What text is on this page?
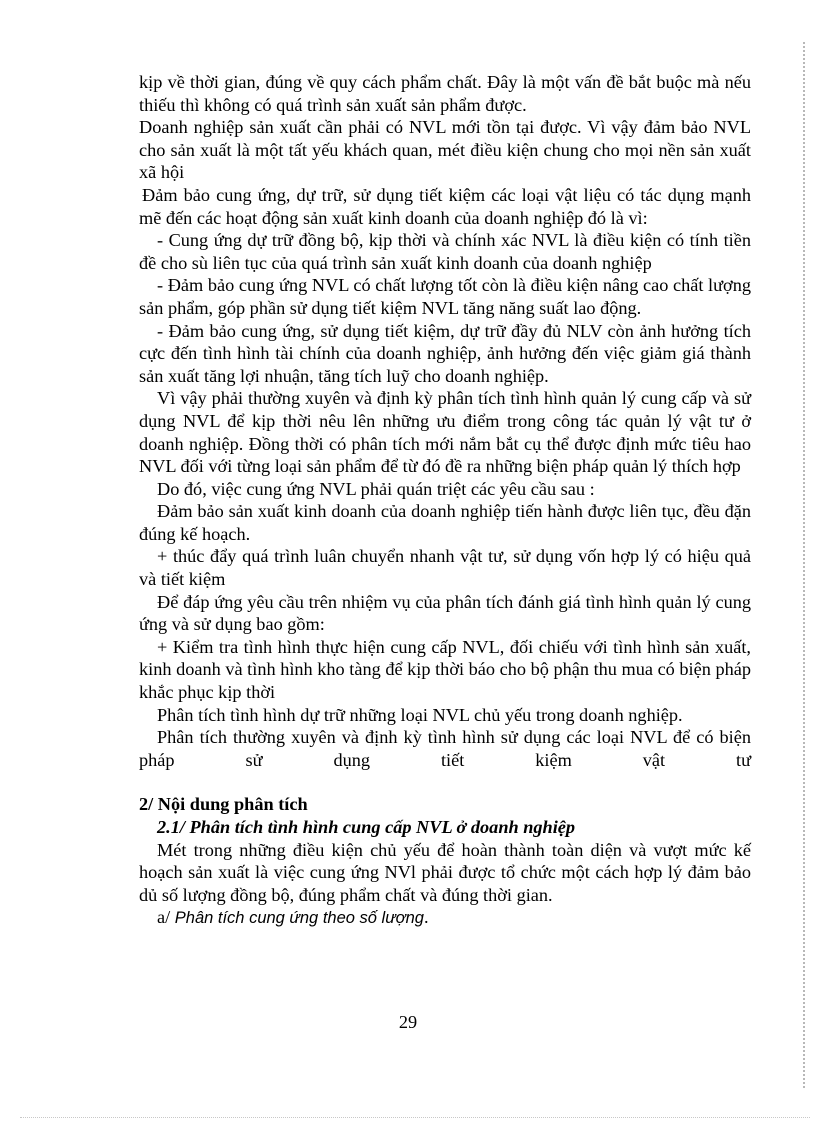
kịp về thời gian, đúng về quy cách phẩm chất. Đây là một vấn đề bắt buộc mà nếu thiếu thì không có quá trình sản xuất sản phẩm được.

Doanh nghiệp sản xuất cần phải có NVL mới tồn tại được. Vì vậy đảm bảo NVL cho sản xuất là một tất yếu khách quan, mét điều kiện chung cho mọi nền sản xuất xã hội

Đảm bảo cung ứng, dự trữ, sử dụng tiết kiệm các loại vật liệu có tác dụng mạnh mẽ đến các hoạt động sản xuất kinh doanh của doanh nghiệp đó là vì:

- Cung ứng dự trữ đồng bộ, kịp thời và chính xác NVL là điều kiện có tính tiền đề cho sù liên tục của quá trình sản xuất kinh doanh của doanh nghiệp

- Đảm bảo cung ứng NVL có chất lượng tốt còn là điều kiện nâng cao chất lượng sản phẩm, góp phần sử dụng tiết kiệm NVL tăng năng suất lao động.

- Đảm bảo cung ứng, sử dụng tiết kiệm, dự trữ đầy đủ NLV còn ảnh hưởng tích cực đến tình hình tài chính của doanh nghiệp, ảnh hưởng đến việc giảm giá thành sản xuất tăng lợi nhuận, tăng tích luỹ cho doanh nghiệp.

Vì vậy phải thường xuyên và định kỳ phân tích tình hình quản lý cung cấp và sử dụng NVL để kịp thời nêu lên những ưu điểm trong công tác quản lý vật tư ở doanh nghiệp. Đồng thời có phân tích mới nắm bắt cụ thể được định mức tiêu hao NVL đối với từng loại sản phẩm để từ đó đề ra những biện pháp quản lý thích hợp

Do đó, việc cung ứng NVL phải quán triệt các yêu cầu sau :

Đảm bảo sản xuất kinh doanh của doanh nghiệp tiến hành được liên tục, đều đặn đúng kế hoạch.

+ thúc đẩy quá trình luân chuyển nhanh vật tư, sử dụng vốn hợp lý có hiệu quả và tiết kiệm

Để đáp ứng yêu cầu trên nhiệm vụ của phân tích đánh giá tình hình quản lý cung ứng và sử dụng bao gồm:

+ Kiểm tra tình hình thực hiện cung cấp NVL, đối chiếu với tình hình sản xuất, kinh doanh và tình hình kho tàng để kịp thời báo cho bộ phận thu mua có biện pháp khắc phục kịp thời

Phân tích tình hình dự trữ những loại NVL chủ yếu trong doanh nghiệp.

Phân tích thường xuyên và định kỳ tình hình sử dụng các loại NVL để có biện pháp sử dụng tiết kiệm vật tư

2/ Nội dung phân tích

2.1/ Phân tích tình hình cung cấp NVL ở doanh nghiệp

Mét trong những điều kiện chủ yếu để hoàn thành toàn diện và vượt mức kế hoạch sản xuất là việc cung ứng NVl phải được tổ chức một cách hợp lý đảm bảo dủ số lượng đồng bộ, đúng phẩm chất và đúng thời gian.

a/ Phân tích cung ứng theo số lượng.

29
